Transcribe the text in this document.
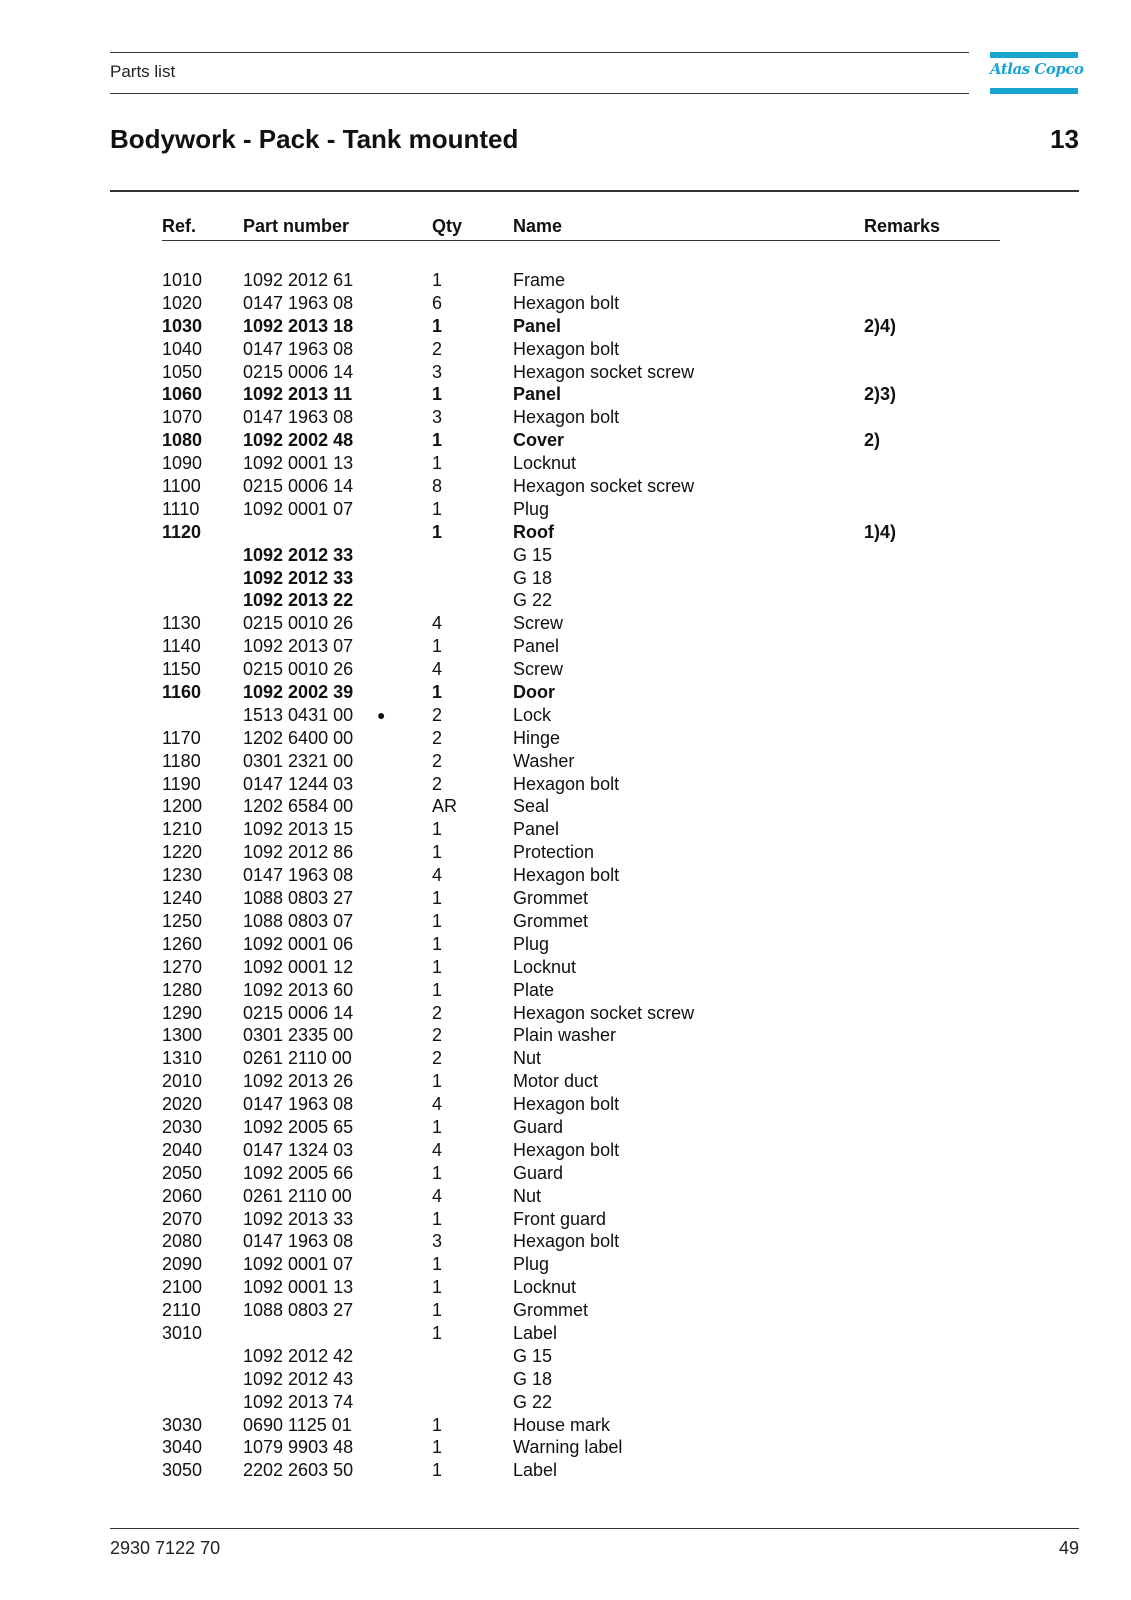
Parts list	Atlas Copco
Bodywork - Pack - Tank mounted	13
Ref.	Part number	Qty	Name	Remarks
1010 1092 2012 61	1	Frame
1020 0147 1963 08	6	Hexagon bolt
1030 1092 2013 18	1	Panel	2)4)
1040 0147 1963 08	2	Hexagon bolt
1050 0215 0006 14	3	Hexagon socket screw
1060 1092 2013 11	1	Panel	2)3)
1070 0147 1963 08	3	Hexagon bolt
1080 1092 2002 48	1	Cover	2)
1090 1092 0001 13	1	Locknut
1100 0215 0006 14	8	Hexagon socket screw
1110 1092 0001 07	1	Plug
1120	1	Roof	1)4)
1092 2012 33	G 15
1092 2012 33	G 18
1092 2013 22	G 22
1130 0215 0010 26	4	Screw
1140 1092 2013 07	1	Panel
1150 0215 0010 26	4	Screw
1160 1092 2002 39	1	Door
1513 0431 00 ●	2	Lock
1170 1202 6400 00	2	Hinge
1180 0301 2321 00	2	Washer
1190 0147 1244 03	2	Hexagon bolt
1200 1202 6584 00	AR	Seal
1210 1092 2013 15	1	Panel
1220 1092 2012 86	1	Protection
1230 0147 1963 08	4	Hexagon bolt
1240 1088 0803 27	1	Grommet
1250 1088 0803 07	1	Grommet
1260 1092 0001 06	1	Plug
1270 1092 0001 12	1	Locknut
1280 1092 2013 60	1	Plate
1290 0215 0006 14	2	Hexagon socket screw
1300 0301 2335 00	2	Plain washer
1310 0261 2110 00	2	Nut
2010 1092 2013 26	1	Motor duct
2020 0147 1963 08	4	Hexagon bolt
2030 1092 2005 65	1	Guard
2040 0147 1324 03	4	Hexagon bolt
2050 1092 2005 66	1	Guard
2060 0261 2110 00	4	Nut
2070 1092 2013 33	1	Front guard
2080 0147 1963 08	3	Hexagon bolt
2090 1092 0001 07	1	Plug
2100 1092 0001 13	1	Locknut
2110 1088 0803 27	1	Grommet
3010	1	Label
1092 2012 42	G 15
1092 2012 43	G 18
1092 2013 74	G 22
3030 0690 1125 01	1	House mark
3040 1079 9903 48	1	Warning label
3050 2202 2603 50	1	Label
2930 7122 70	49
